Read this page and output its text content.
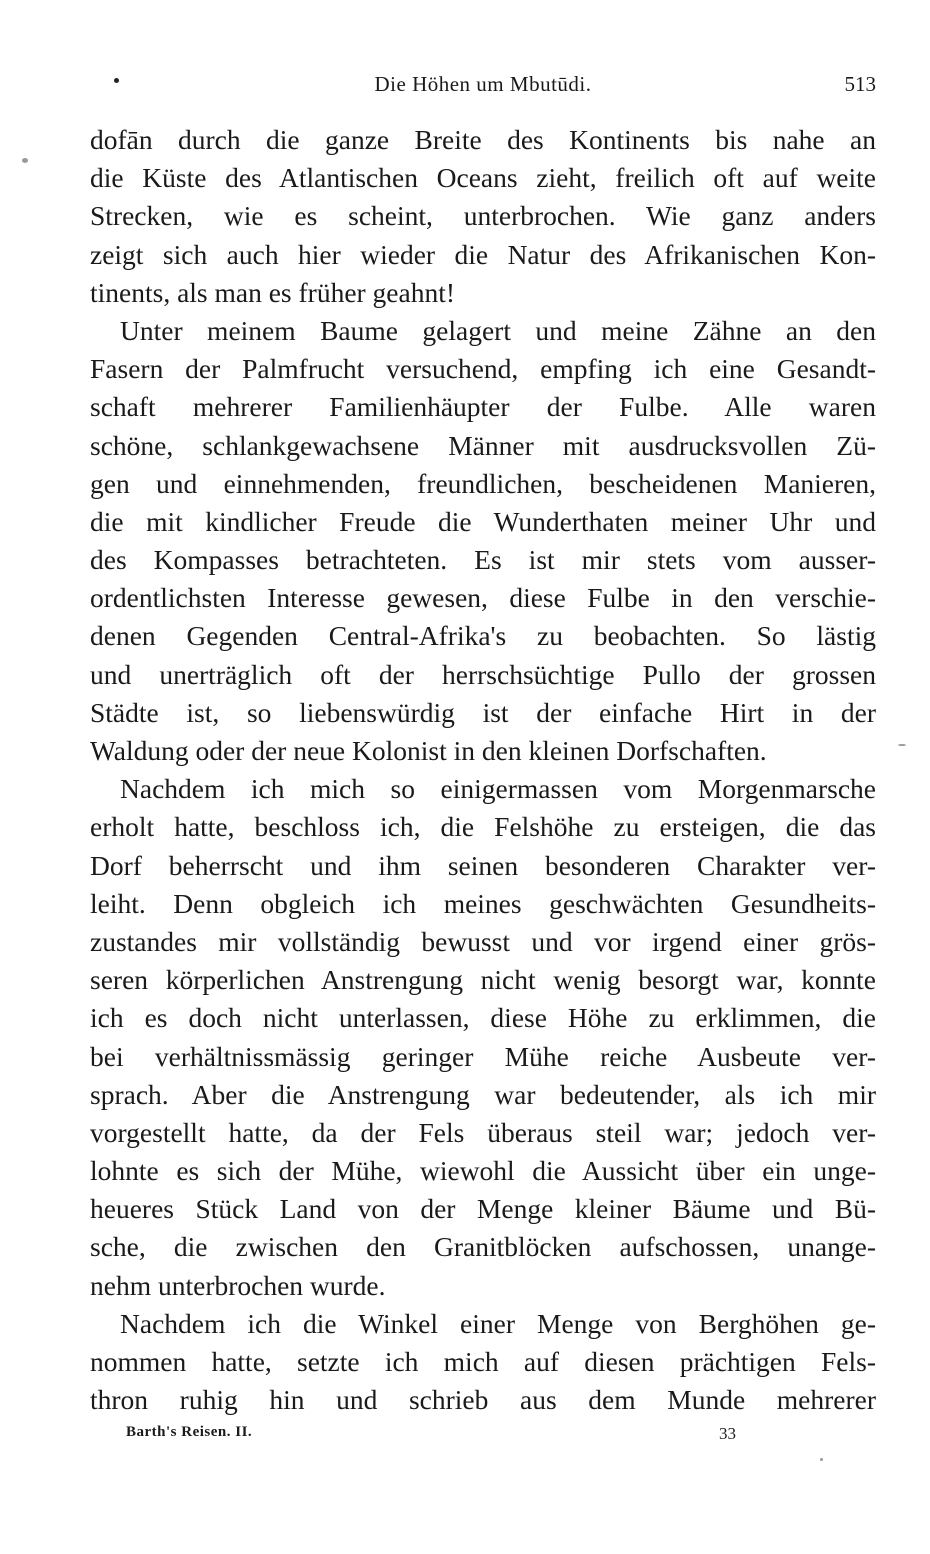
Die Höhen um Mbutūdi.	513
dofān durch die ganze Breite des Kontinents bis nahe an
die Küste des Atlantischen Oceans zieht, freilich oft auf weite
Strecken, wie es scheint, unterbrochen. Wie ganz anders
zeigt sich auch hier wieder die Natur des Afrikanischen Kon-
tinents, als man es früher geahnt!
Unter meinem Baume gelagert und meine Zähne an den
Fasern der Palmfrucht versuchend, empfing ich eine Gesandt-
schaft mehrerer Familienhäupter der Fulbe. Alle waren
schöne, schlankgewachsene Männer mit ausdrucksvollen Zü-
gen und einnehmenden, freundlichen, bescheidenen Manieren,
die mit kindlicher Freude die Wunderthaten meiner Uhr und
des Kompasses betrachteten. Es ist mir stets vom ausser-
ordentlichsten Interesse gewesen, diese Fulbe in den verschie-
denen Gegenden Central-Afrika's zu beobachten. So lästig
und unerträglich oft der herrschsüchtige Pullo der grossen
Städte ist, so liebenswürdig ist der einfache Hirt in der
Waldung oder der neue Kolonist in den kleinen Dorfschaften.
Nachdem ich mich so einigermassen vom Morgenmarsche
erholt hatte, beschloss ich, die Felshöhe zu ersteigen, die das
Dorf beherrscht und ihm seinen besonderen Charakter ver-
leiht. Denn obgleich ich meines geschwächten Gesundheits-
zustandes mir vollständig bewusst und vor irgend einer grös-
seren körperlichen Anstrengung nicht wenig besorgt war, konnte
ich es doch nicht unterlassen, diese Höhe zu erklimmen, die
bei verhältnissmässig geringer Mühe reiche Ausbeute ver-
sprach. Aber die Anstrengung war bedeutender, als ich mir
vorgestellt hatte, da der Fels überaus steil war; jedoch ver-
lohnte es sich der Mühe, wiewohl die Aussicht über ein unge-
heueres Stück Land von der Menge kleiner Bäume und Bü-
sche, die zwischen den Granitblöcken aufschossen, unange-
nehm unterbrochen wurde.
Nachdem ich die Winkel einer Menge von Berghöhen ge-
nommen hatte, setzte ich mich auf diesen prächtigen Fels-
thron ruhig hin und schrieb aus dem Munde mehrerer
Barth's Reisen. II.	33
